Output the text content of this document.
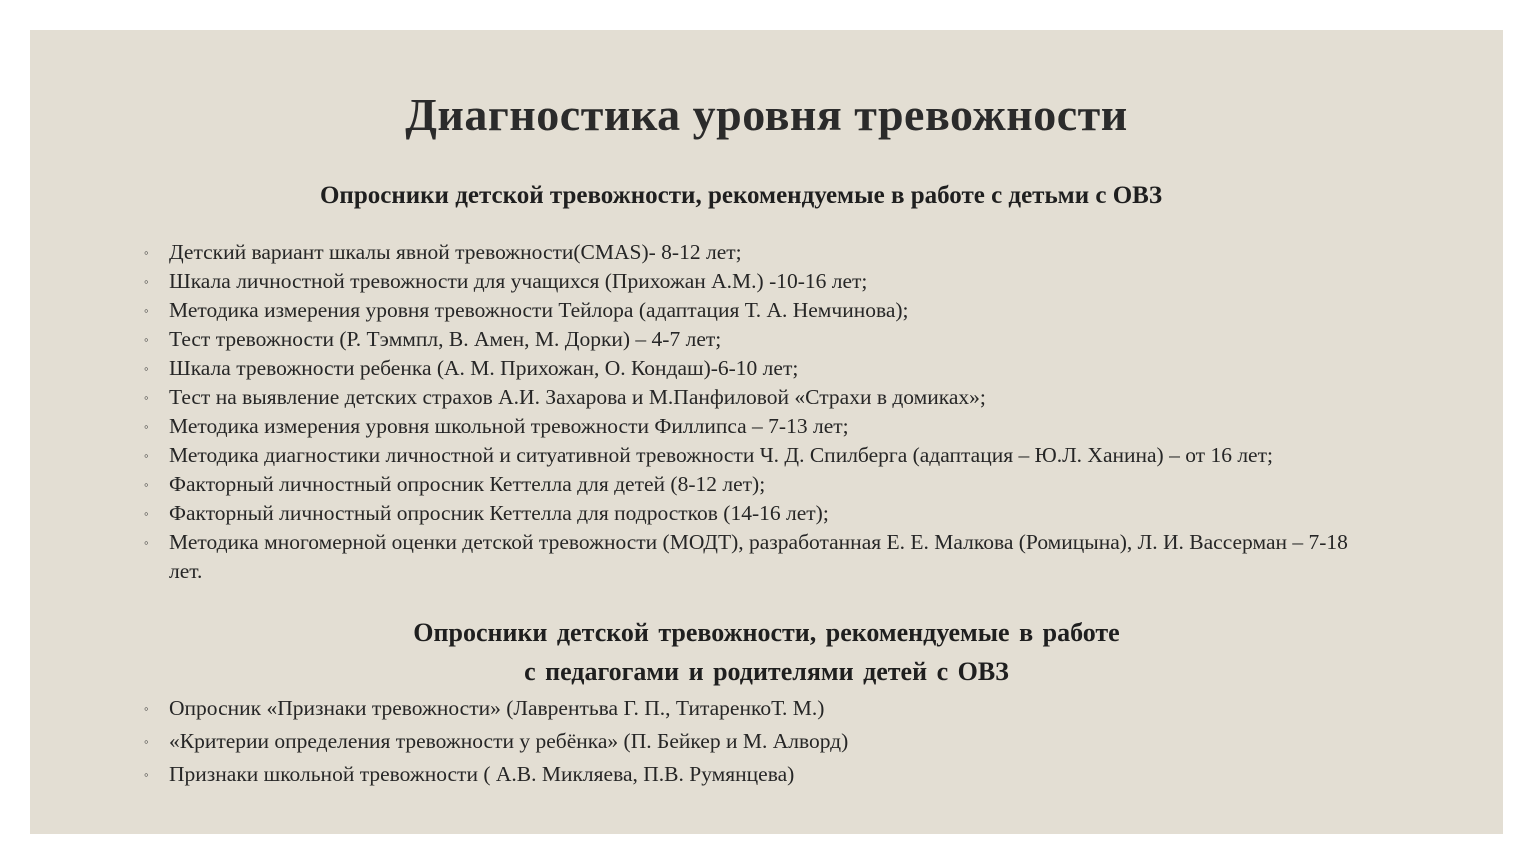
Диагностика уровня тревожности
Опросники детской тревожности, рекомендуемые в работе с детьми с ОВЗ
◦ Детский вариант шкалы явной тревожности(CMAS)- 8-12 лет;
◦ Шкала личностной тревожности для учащихся (Прихожан А.М.) -10-16 лет;
◦ Методика измерения уровня тревожности Тейлора (адаптация Т. А. Немчинова);
◦ Тест тревожности (Р. Тэммпл, В. Амен, М. Дорки) – 4-7 лет;
◦ Шкала тревожности ребенка (А. М. Прихожан, О. Кондаш)-6-10 лет;
◦ Тест на выявление детских страхов А.И. Захарова и М.Панфиловой «Страхи в домиках»;
◦ Методика измерения уровня школьной тревожности Филлипса – 7-13 лет;
◦ Методика диагностики личностной и ситуативной тревожности Ч. Д. Спилберга (адаптация – Ю.Л. Ханина) – от 16 лет;
◦ Факторный личностный опросник Кеттелла для детей (8-12 лет);
◦ Факторный личностный опросник Кеттелла для подростков (14-16 лет);
◦ Методика многомерной оценки детской тревожности (МОДТ), разработанная Е. Е. Малкова (Ромицына), Л. И. Вассерман – 7-18 лет.
Опросники детской тревожности, рекомендуемые в работе
с педагогами и родителями детей с ОВЗ
◦ Опросник «Признаки тревожности» (Лаврентьва Г. П., ТитаренкоТ. М.)
◦ «Критерии определения тревожности у ребёнка» (П. Бейкер и М. Алворд)
◦ Признаки школьной тревожности ( А.В. Микляева, П.В. Румянцева)
